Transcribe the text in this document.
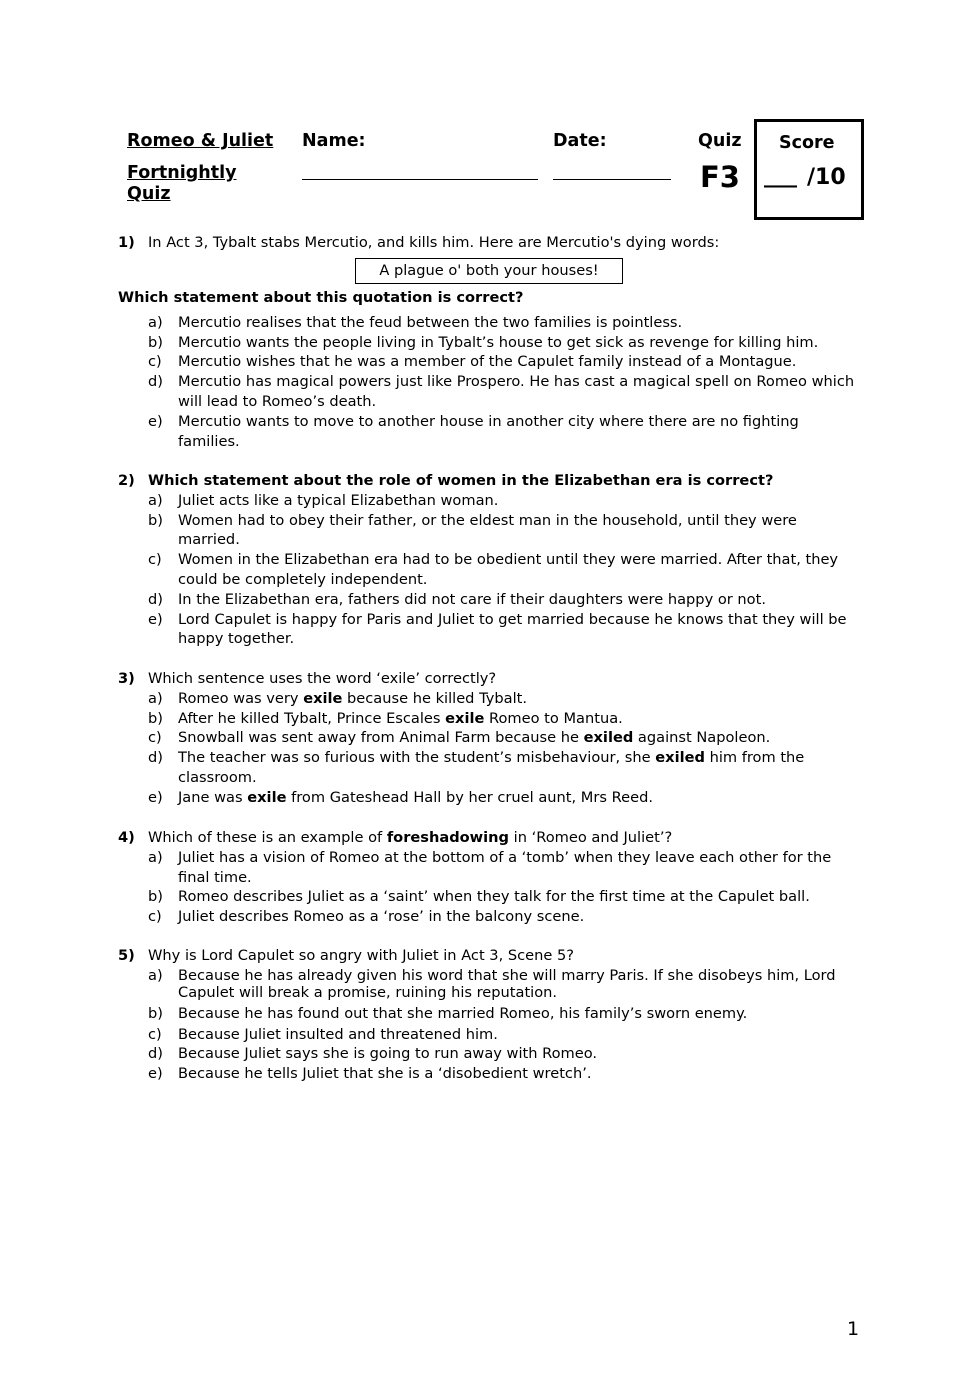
Romeo & Juliet
Fortnightly
Quiz
Name:	Date:	Quiz
F3
Score
___ /10
1) In Act 3, Tybalt stabs Mercutio, and kills him. Here are Mercutio's dying words:
A plague o' both your houses!
Which statement about this quotation is correct?
a) Mercutio realises that the feud between the two families is pointless.
b) Mercutio wants the people living in Tybalt’s house to get sick as revenge for killing him.
c) Mercutio wishes that he was a member of the Capulet family instead of a Montague.
d) Mercutio has magical powers just like Prospero. He has cast a magical spell on Romeo which will lead to Romeo’s death.
e) Mercutio wants to move to another house in another city where there are no fighting families.
2) Which statement about the role of women in the Elizabethan era is correct?
a) Juliet acts like a typical Elizabethan woman.
b) Women had to obey their father, or the eldest man in the household, until they were married.
c) Women in the Elizabethan era had to be obedient until they were married. After that, they could be completely independent.
d) In the Elizabethan era, fathers did not care if their daughters were happy or not.
e) Lord Capulet is happy for Paris and Juliet to get married because he knows that they will be happy together.
3) Which sentence uses the word ‘exile’ correctly?
a) Romeo was very exile because he killed Tybalt.
b) After he killed Tybalt, Prince Escales exile Romeo to Mantua.
c) Snowball was sent away from Animal Farm because he exiled against Napoleon.
d) The teacher was so furious with the student’s misbehaviour, she exiled him from the classroom.
e) Jane was exile from Gateshead Hall by her cruel aunt, Mrs Reed.
4) Which of these is an example of foreshadowing in ‘Romeo and Juliet’?
a) Juliet has a vision of Romeo at the bottom of a ‘tomb’ when they leave each other for the final time.
b) Romeo describes Juliet as a ‘saint’ when they talk for the first time at the Capulet ball.
c) Juliet describes Romeo as a ‘rose’ in the balcony scene.
5) Why is Lord Capulet so angry with Juliet in Act 3, Scene 5?
a) Because he has already given his word that she will marry Paris. If she disobeys him, Lord Capulet will break a promise, ruining his reputation.
b) Because he has found out that she married Romeo, his family’s sworn enemy.
c) Because Juliet insulted and threatened him.
d) Because Juliet says she is going to run away with Romeo.
e) Because he tells Juliet that she is a ‘disobedient wretch’.
1
